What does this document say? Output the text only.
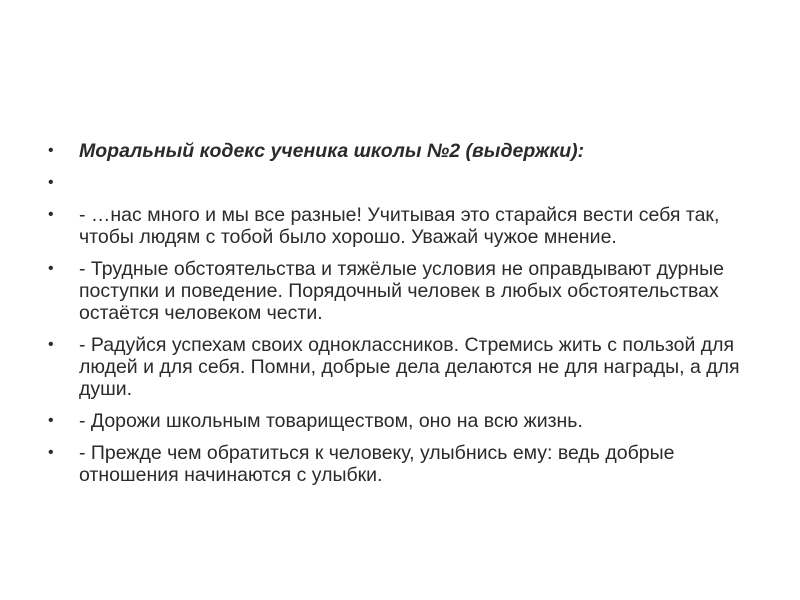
• Моральный кодекс ученика школы №2 (выдержки):
•
• - …нас много и мы все разные! Учитывая это старайся вести себя так, чтобы людям с тобой было хорошо. Уважай чужое мнение.
• - Трудные обстоятельства и тяжёлые условия не оправдывают дурные поступки и поведение. Порядочный человек в любых обстоятельствах остаётся человеком чести.
• - Радуйся успехам своих одноклассников. Стремись жить с пользой для людей и для себя. Помни, добрые дела делаются не для награды, а для души.
• - Дорожи школьным товариществом, оно на всю жизнь.
• - Прежде чем обратиться к человеку, улыбнись ему: ведь добрые отношения начинаются с улыбки.
